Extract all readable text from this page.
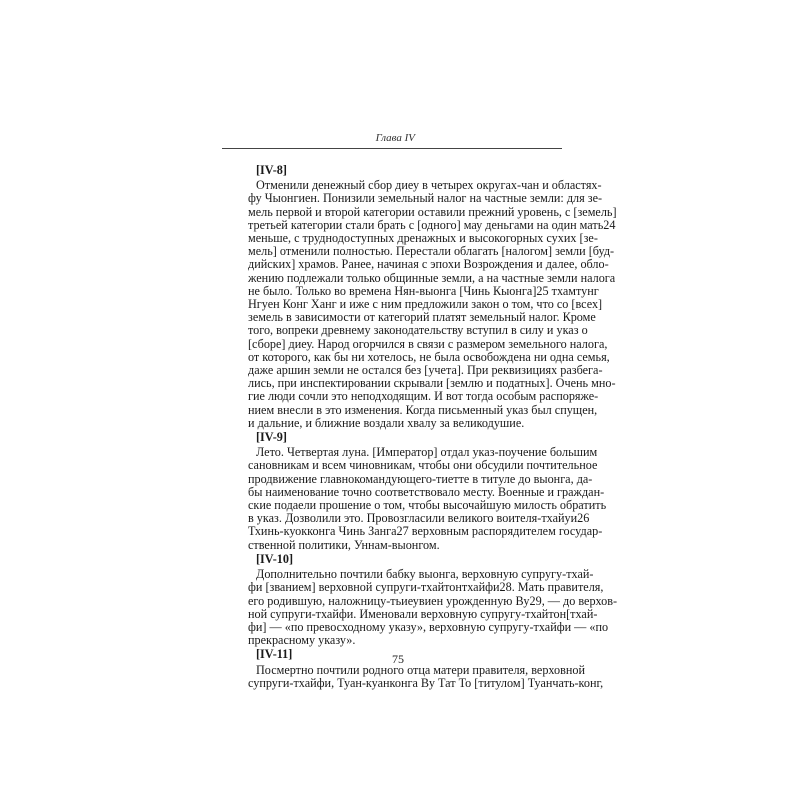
Глава IV
[IV-8]
Отменили денежный сбор диеу в четырех округах-чан и областях-
фу Чыонгиен. Понизили земельный налог на частные земли: для зе-
мель первой и второй категории оставили прежний уровень, с [земель]
третьей категории стали брать с [одного] мау деньгами на один мать24
меньше, с труднодоступных дренажных и высокогорных сухих [зе-
мель] отменили полностью. Перестали облагать [налогом] земли [буд-
дийских] храмов. Ранее, начиная с эпохи Возрождения и далее, обло-
жению подлежали только общинные земли, а на частные земли налога
не было. Только во времена Нян-выонга [Чинь Кыонга]25 тхамтунг
Нгуен Конг Ханг и иже с ним предложили закон о том, что со [всех]
земель в зависимости от категорий платят земельный налог. Кроме
того, вопреки древнему законодательству вступил в силу и указ о
[сборе] диеу. Народ огорчился в связи с размером земельного налога,
от которого, как бы ни хотелось, не была освобождена ни одна семья,
даже аршин земли не остался без [учета]. При реквизициях разбега-
лись, при инспектировании скрывали [землю и податных]. Очень мно-
гие люди сочли это неподходящим. И вот тогда особым распоряже-
нием внесли в это изменения. Когда письменный указ был спущен,
и дальние, и ближние воздали хвалу за великодушие.
[IV-9]
Лето. Четвертая луна. [Император] отдал указ-поучение большим
сановникам и всем чиновникам, чтобы они обсудили почтительное
продвижение главнокомандующего-тиетте в титуле до выонга, да-
бы наименование точно соответствовало месту. Военные и граждан-
ские подаели прошение о том, чтобы высочайшую милость обратить
в указ. Дозволили это. Провозгласили великого воителя-тхайуи26
Тхинь-куокконга Чинь Занга27 верховным распорядителем государ-
ственной политики, Уннам-выонгом.
[IV-10]
Дополнительно почтили бабку выонга, верховную супругу-тхай-
фи [званием] верховной супруги-тхайтонтхайфи28. Мать правителя,
его родившую, наложницу-тьиеувиен урожденную Ву29, — до верхов-
ной супруги-тхайфи. Именовали верховную супругу-тхайтон[тхай-
фи] — «по превосходному указу», верховную супругу-тхайфи — «по
прекрасному указу».
[IV-11]
Посмертно почтили родного отца матери правителя, верховной
супруги-тхайфи, Туан-куанконга Ву Тат То [титулом] Туанчать-конг,
75
